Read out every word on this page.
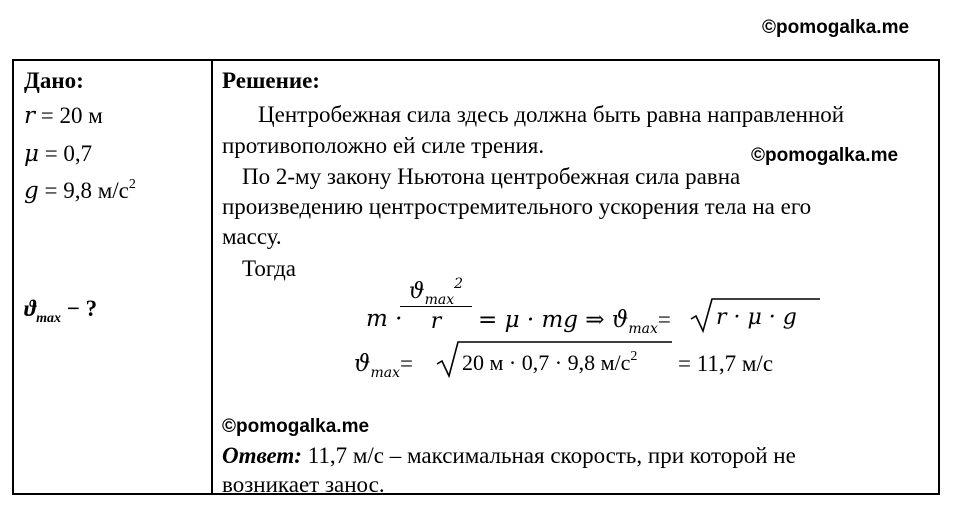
©pomogalka.me
Дано:
r = 20 м
μ = 0,7
g = 9,8 $м/с^2$
$ϑ_{max}$ − ?
Решение:
Центробежная сила здесь должна быть равна направленной
противоположно ей силе трения.	©pomogalka.me
По 2-му закону Ньютона центробежная сила равна
произведению центростремительного ускорения тела на его
массу.
Тогда
m ·
$ϑ_{max}^2$
r	= μ · mg ⇒ $ϑ_{max}= r \cdot \mu \cdot g$
$ϑ_{max}= 20$ м · 0,7 · 9,8 $м/с^2 = 11,7$ м/с
©pomogalka.me
Ответ: 11,7 м/с – максимальная скорость, при которой не
возникает занос.
